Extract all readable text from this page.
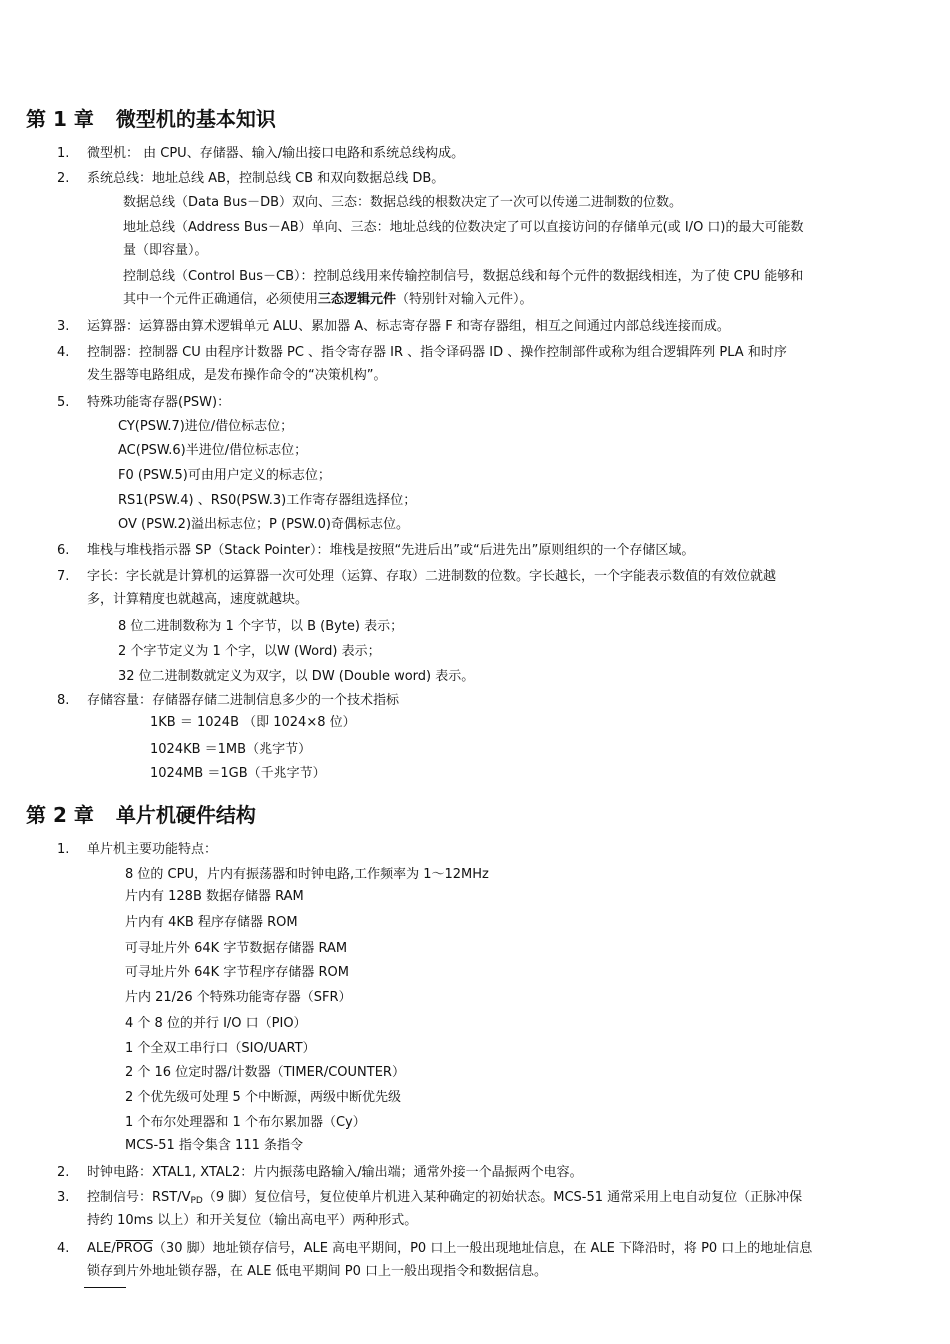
第 1 章 微型机的基本知识
1. 微型机： 由 CPU、存储器、输入/输出接口电路和系统总线构成。

2. 系统总线：地址总线 AB，控制总线 CB 和双向数据总线 DB。

数据总线（Data Bus－DB）双向、三态：数据总线的根数决定了一次可以传递二进制数的位数。

地址总线（Address Bus－AB）单向、三态：地址总线的位数决定了可以直接访问的存储单元(或 I/O 口)的最大可能数

量（即容量）。

控制总线（Control Bus－CB）：控制总线用来传输控制信号，数据总线和每个元件的数据线相连，为了使 CPU 能够和

其中一个元件正确通信，必须使用三态逻辑元件（特别针对输入元件）。

3. 运算器：运算器由算术逻辑单元 ALU、累加器 A、标志寄存器 F 和寄存器组，相互之间通过内部总线连接而成。

4. 控制器：控制器 CU 由程序计数器 PC 、指令寄存器 IR 、指令译码器 ID 、操作控制部件或称为组合逻辑阵列 PLA 和时序

发生器等电路组成，是发布操作命令的“决策机构”。

5. 特殊功能寄存器(PSW)：

CY(PSW.7)进位/借位标志位；

AC(PSW.6)半进位/借位标志位；

F0 (PSW.5)可由用户定义的标志位；

RS1(PSW.4) 、RS0(PSW.3)工作寄存器组选择位；

OV (PSW.2)溢出标志位；P (PSW.0)奇偶标志位。

6. 堆栈与堆栈指示器 SP（Stack Pointer）：堆栈是按照“先进后出”或“后进先出”原则组织的一个存储区域。

7. 字长：字长就是计算机的运算器一次可处理（运算、存取）二进制数的位数。字长越长，一个字能表示数值的有效位就越

多，计算精度也就越高，速度就越块。

8 位二进制数称为 1 个字节，以 B (Byte) 表示；

2 个字节定义为 1 个字，以W (Word) 表示；

32 位二进制数就定义为双字，以 DW (Double word) 表示。

8. 存储容量：存储器存储二进制信息多少的一个技术指标

1KB ＝ 1024B （即 1024×8 位）

1024KB ＝1MB（兆字节）

1024MB ＝1GB（千兆字节）

第 2 章 单片机硬件结构
1. 单片机主要功能特点：

8 位的 CPU，片内有振荡器和时钟电路,工作频率为 1～12MHz

片内有 128B 数据存储器 RAM

片内有 4KB 程序存储器 ROM

可寻址片外 64K 字节数据存储器 RAM

可寻址片外 64K 字节程序存储器 ROM

片内 21/26 个特殊功能寄存器（SFR）

4 个 8 位的并行 I/O 口（PIO）

1 个全双工串行口（SIO/UART）

2 个 16 位定时器/计数器（TIMER/COUNTER）

2 个优先级可处理 5 个中断源，两级中断优先级

1 个布尔处理器和 1 个布尔累加器（Cy）

MCS-51 指令集含 111 条指令

2. 时钟电路：XTAL1, XTAL2：片内振荡电路输入/输出端；通常外接一个晶振两个电容。

3. 控制信号：RST/$V_{PD}(9$ 脚）复位信号，复位使单片机进入某种确定的初始状态。MCS-51 通常采用上电自动复位（正脉冲保

持约 10ms 以上）和开关复位（输出高电平）两种形式。

4. ALE/PROG（30 脚）地址锁存信号，ALE 高电平期间，P0 口上一般出现地址信息，在 ALE 下降沿时，将 P0 口上的地址信息

锁存到片外地址锁存器，在 ALE 低电平期间 P0 口上一般出现指令和数据信息。
